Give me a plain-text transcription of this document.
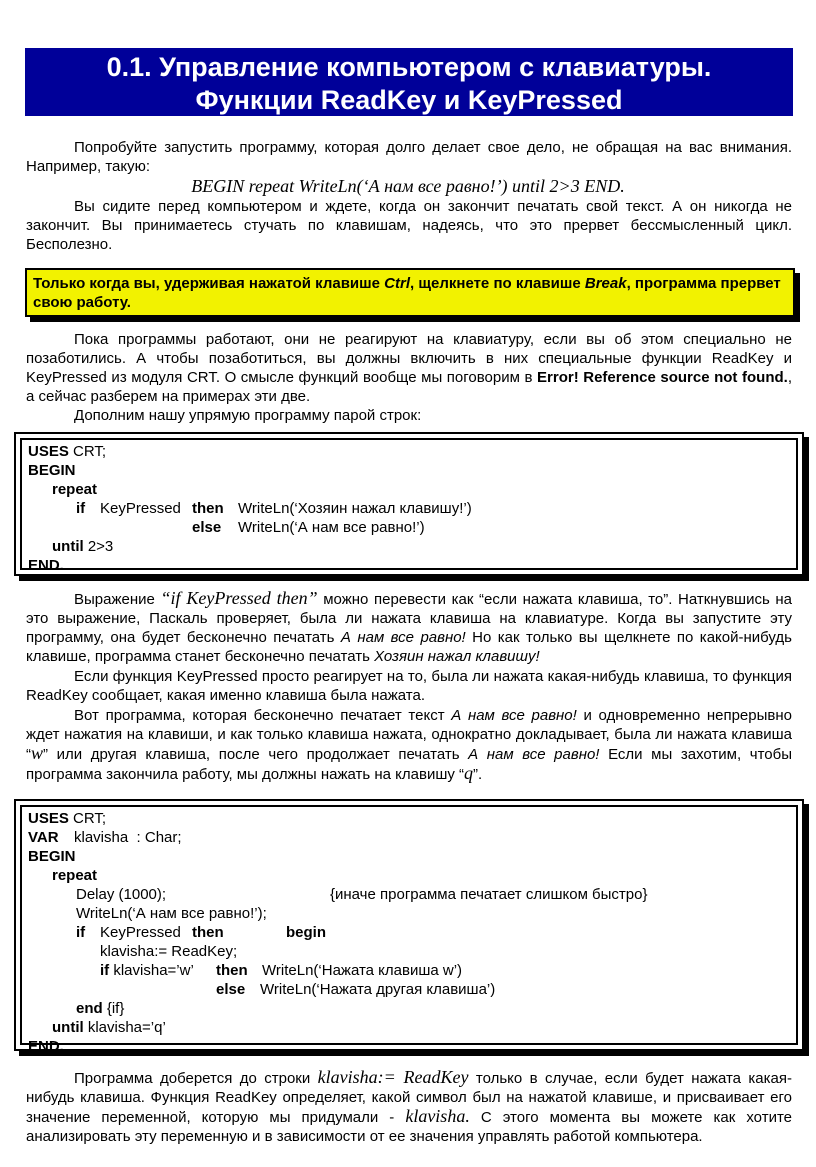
0.1. Управление компьютером с клавиатуры.
Функции ReadKey и KeyPressed
Попробуйте запустить программу, которая долго делает свое дело, не обращая на вас внимания. Например, такую:
BEGIN repeat WriteLn(‘А нам все равно!’) until 2>3 END.
Вы сидите перед компьютером и ждете, когда он закончит печатать свой текст. А он никогда не закончит. Вы принимаетесь стучать по клавишам, надеясь, что это прервет бессмысленный цикл. Бесполезно.
Только когда вы, удерживая нажатой клавише Ctrl, щелкнете по клавише Break, программа прервет свою работу.
Пока программы работают, они не реагируют на клавиатуру, если вы об этом специально не позаботились. А чтобы позаботиться, вы должны включить в них специальные функции ReadKey и KeyPressed из модуля CRT. О смысле функций вообще мы поговорим в Error! Reference source not found., а сейчас разберем на примерах эти две.
Дополним нашу упрямую программу парой строк:
USES CRT;
BEGIN
repeat
if KeyPressed then WriteLn(‘Хозяин нажал клавишу!’)
else WriteLn(‘А нам все равно!’)
until 2>3
END.
Выражение “if KeyPressed then” можно перевести как “если нажата клавиша, то”. Наткнувшись на это выражение, Паскаль проверяет, была ли нажата клавиша на клавиатуре. Когда вы запустите эту программу, она будет бесконечно печатать А нам все равно! Но как только вы щелкнете по какой-нибудь клавише, программа станет бесконечно печатать Хозяин нажал клавишу!
Если функция KeyPressed просто реагирует на то, была ли нажата какая-нибудь клавиша, то функция ReadKey сообщает, какая именно клавиша была нажата.
Вот программа, которая бесконечно печатает текст А нам все равно! и одновременно непрерывно ждет нажатия на клавиши, и как только клавиша нажата, однократно докладывает, была ли нажата клавиша “w” или другая клавиша, после чего продолжает печатать А нам все равно! Если мы захотим, чтобы программа закончила работу, мы должны нажать на клавишу “q”.
USES CRT;
VAR klavisha  : Char;
BEGIN
repeat
Delay (1000);	{иначе программа печатает слишком быстро}
WriteLn(‘А нам все равно!’);
if KeyPressed then	begin
klavisha:= ReadKey;
if klavisha=’w’ then WriteLn(‘Нажата клавиша w’)
else WriteLn(‘Нажата другая клавиша’)
end {if}
until klavisha=’q’
END.
Программа доберется до строки klavisha:= ReadKey только в случае, если будет нажата какая-нибудь клавиша. Функция ReadKey определяет, какой символ был на нажатой клавише, и присваивает его значение переменной, которую мы придумали - klavisha. С этого момента вы можете как хотите анализировать эту переменную и в зависимости от ее значения управлять работой компьютера.
